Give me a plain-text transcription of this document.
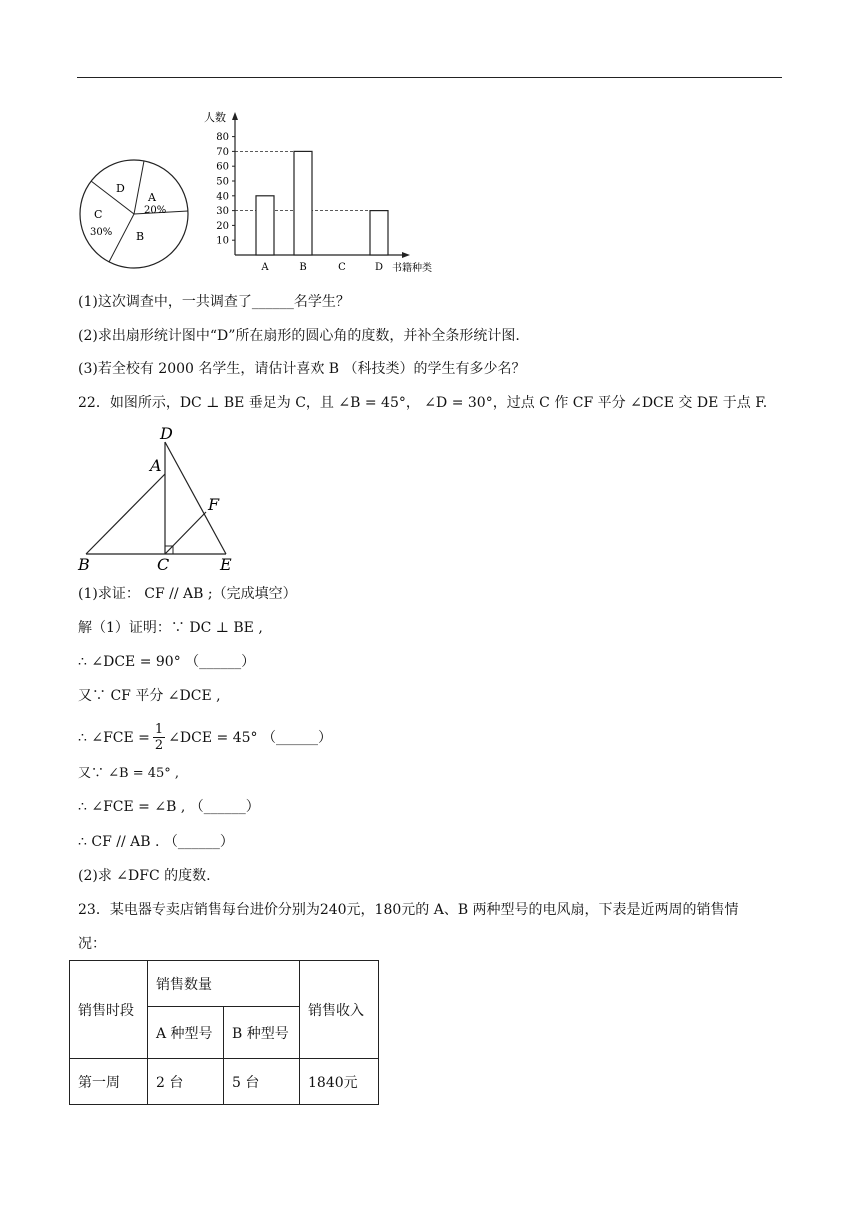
D
A
20%
C
30% B
人数
书籍种类
10
20
30
40
50
60
70
80
A	B	C	D
(1)这次调查中，一共调查了______名学生？
(2)求出扇形统计图中“D”所在扇形的圆心角的度数，并补全条形统计图.
(3)若全校有 2000 名学生，请估计喜欢 B （科技类）的学生有多少名？
22．如图所示，DC ⊥ BE 垂足为 C，且 ∠B = 45°， ∠D = 30°，过点 C 作 CF 平分 ∠DCE 交 DE 于点 F.
D
A
F
B	C	E
(1)求证： CF // AB ;（完成填空）
解（1）证明：∵ DC ⊥ BE ,
∴ ∠DCE = 90° （______）
又∵ CF 平分 ∠DCE ,
∴ ∠FCE = $\frac{1}{2}$ ∠DCE = 45° （______）
又∵ ∠B = 45° ,
∴ ∠FCE = ∠B , （______）
∴ CF // AB . （______）
(2)求 ∠DFC 的度数.
23．某电器专卖店销售每台进价分别为240元，180元的 A、B 两种型号的电风扇，下表是近两周的销售情
况：
销售时段	销售数量		销售收入
	A 种型号	B 种型号	
第一周	2 台	5 台	1840元
